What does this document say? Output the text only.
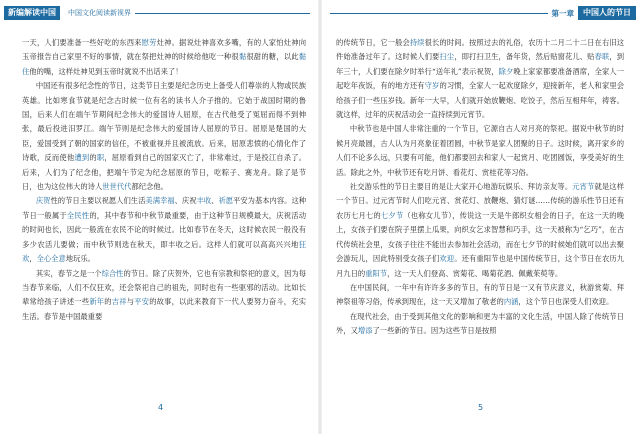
新编解读中国	中国文化阅读新视界

一天，人们要准备一些好吃的东西来慰劳灶神。据说灶神喜欢多嘴，有的人家怕灶神向玉帝报告自己家里不好的事情，就在祭把灶神的时候给他吃一种很黏很甜的糖，以此黏住他的嘴，这样灶神见到玉帝时就说不出话来了！

中国还有很多纪念性的节日，这类节日主要是纪念历史上备受人们尊崇的人物或民族英雄。比如寒食节就是纪念古时候一位有名的读书人介子推的。它始于战国时期的鲁国，后来人们在端午节期间纪念伟大的爱国诗人屈原，在古代他受了冤屈而得不到伸张，最后投进汨罗江。端午节则是纪念伟大的爱国诗人屈原的节日。屈原是楚国的大臣，爱国受到了朝的国家的信任，不被重视并且被流放。后来，屈原悲愤的心情化作了诗歌，反而使他遭到的职，屈原看到自己的国家灭亡了，非常难过，于是投江自杀了。后来，人们为了纪念他，把端午节定为纪念屈原的节日，吃粽子、赛龙舟。除了是节日，也为这位伟大的诗人世世代代都纪念他。

庆贺性的节日主要以祝愿人们生活美满幸福、庆祝丰收、祈愿平安为基本内容。这种节日一般属于全民性的，其中春节和中秋节最重要，由于这种节日规模最大，庆祝活动的时间也长，因此一般流在农民不论的时候过。比如春节在冬天，这时候农民一般没有多少农活儿要做；而中秋节则选在秋天，即丰收之后。这样人们就可以高高兴兴地狂欢，全心全意地玩乐。

其实，春节之是一个综合性的节日。除了庆贺外，它也有宗教和祭祀的意义，因为每当春节来临，人们不仅狂欢，还会祭祀自己的祖先，同时也有一些驱邪的活动。比如长辈常给孩子讲述一些新年的吉祥与平安的故事，以此来教育下一代人要努力奋斗，充实生活。春节是中国最重要

4
第一章	中国人的节日

的传统节日，它一般会持续很长的时间。按照过去的礼俗，农历十二月二十二日在右旧这件始准备过年了。这时候人们要扫尘，即打扫卫生，备年货，然后贴窗花儿、贴春联，到年三十，人们要在除夕时举行“送年礼”表示祝贺，除夕晚上家家都要准备酒席，全家人一起吃年夜饭，有的地方还有守岁的习惯，全家人一起欢度除夕，迎接新年，老人和家里会给孩子们一些压岁钱。新年一大早，人们就开始放鞭炮、吃饺子，然后互相拜年，祷客。就这样，过年的庆祝活动会一直持续到元宵节。

中秋节也是中国人非常注重的一个节日，它源自古人对月亮的祭祀。据说中秋节的时候月亮最圆，古人认为月亮象征着团圆，中秋节是家人团聚的日子。这时候，离开家乡的人们不论多么远，只要有可能，他们都要回去和家人一起赏月、吃团圆饭，享受美好的生活。除此之外，中秋节还有吃月饼、看花灯、赏桂花等习俗。

社交游乐性的节日主要目的是让大家开心地游玩娱乐、拜访亲友等。元宵节就是这样一个节日。过元宵节时人们吃元宵、赏花灯、放鞭炮、猜灯谜……传统的游乐性节日还有农历七月七的七夕节（也称女儿节），传说这一天是牛郎织女相会的日子，在这一天的晚上，女孩子们要在院子里摆上瓜果，向织女乞求智慧和巧手，这一天被称为“乞巧”，在古代传统社会里，女孩子往往不能出去参加社会活动，而在七夕节的时候她们就可以出去聚会游玩儿，因此特别受女孩子们欢迎。还有重阳节也是中国传统节日，这个节日在农历九月九日的重阳节，这一天人们登高、赏菊花、喝菊花酒、佩戴茱萸等。

在中国民间，一年中有许许多多的节日，有的节日是一又有节庆意义，秋游赏菊、拜神祭祖等习俗，传承到现在，这一天又增加了敬老的内涵，这个节日也深受人们欢迎。

在现代社会，由于受到其他文化的影响和更为丰富的文化生活，中国人除了传统节日外，又增添了一些新的节日。因为这些节日是按照

5
